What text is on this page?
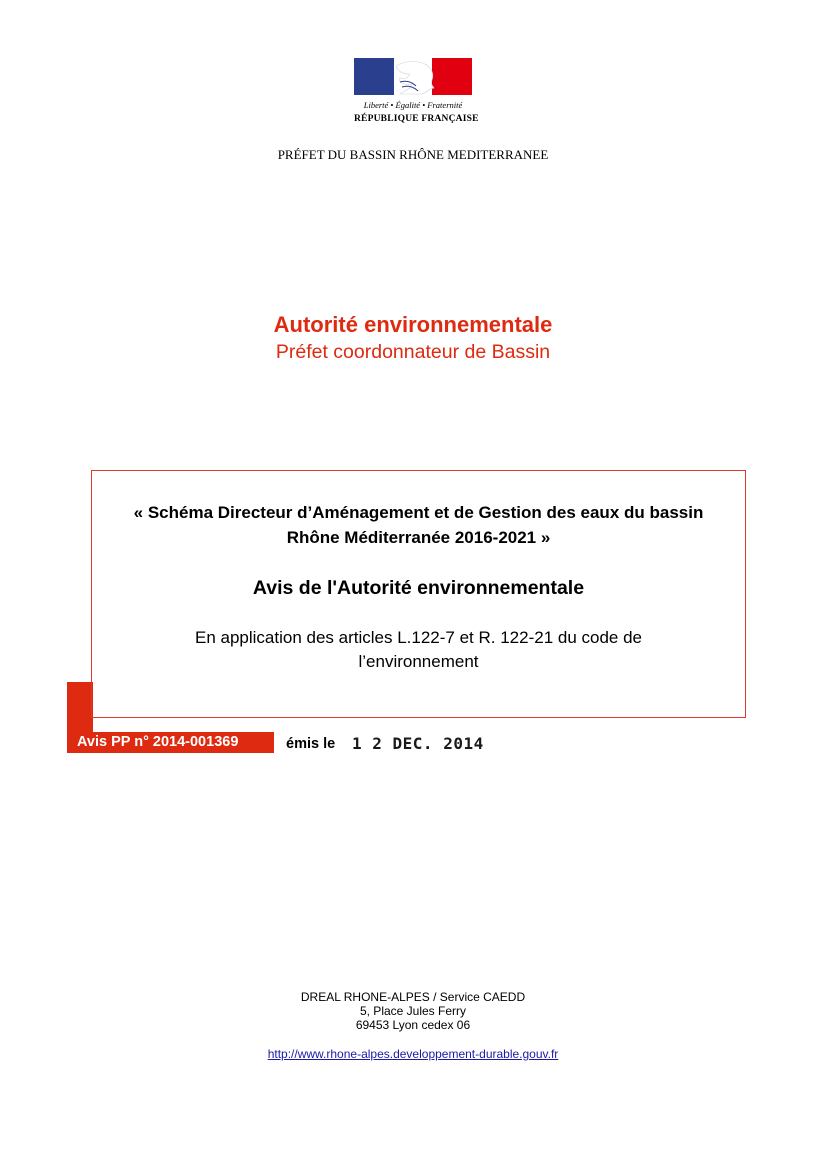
Liberté • Égalité • Fraternité
RÉPUBLIQUE FRANÇAISE
PRÉFET DU BASSIN RHÔNE MEDITERRANEE
Autorité environnementale
Préfet coordonnateur de Bassin
« Schéma Directeur d’Aménagement et de Gestion des eaux du bassin
Rhône Méditerranée 2016-2021 »
Avis de l'Autorité environnementale
En application des articles L.122-7 et R. 122-21 du code de
l’environnement
Avis PP n° 2014-001369	émis le 1 2 DEC. 2014
DREAL RHONE-ALPES / Service CAEDD
5, Place Jules Ferry
69453 Lyon cedex 06
http://www.rhone-alpes.developpement-durable.gouv.fr
